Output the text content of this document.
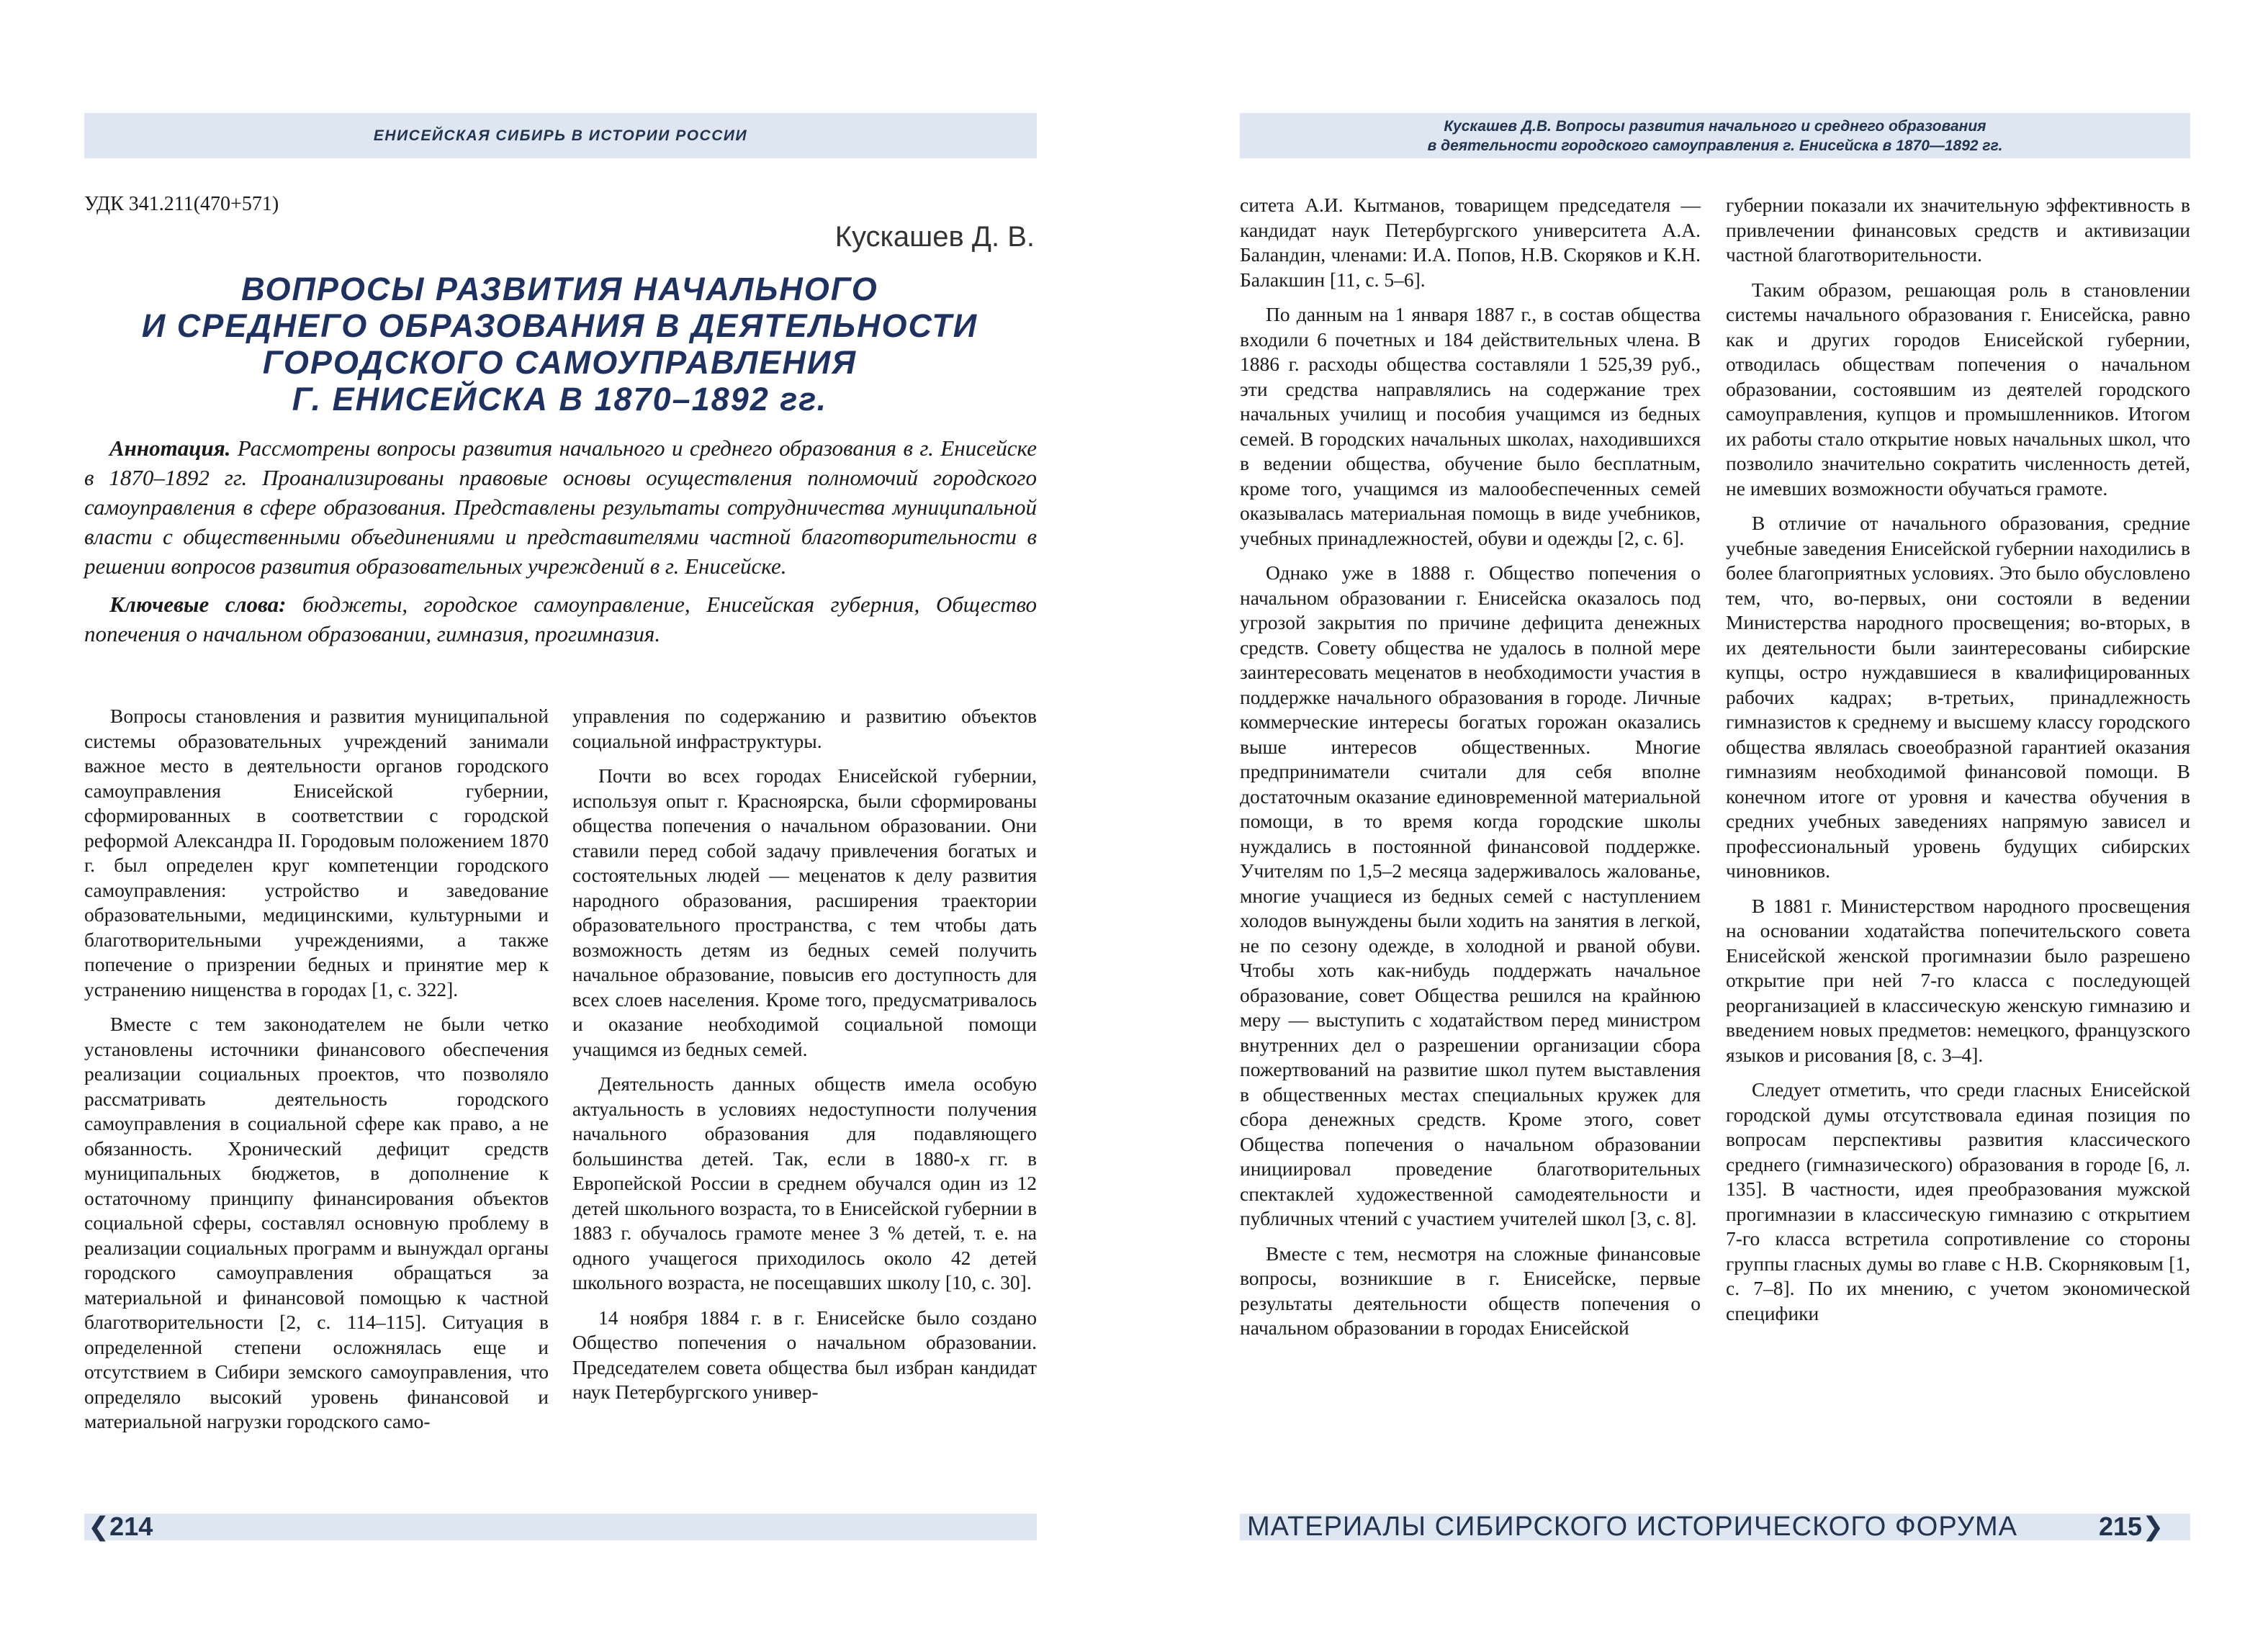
ЕНИСЕЙСКАЯ СИБИРЬ В ИСТОРИИ РОССИИ
УДК 341.211(470+571)
Кускашев Д. В.
ВОПРОСЫ РАЗВИТИЯ НАЧАЛЬНОГО
И СРЕДНЕГО ОБРАЗОВАНИЯ В ДЕЯТЕЛЬНОСТИ
ГОРОДСКОГО САМОУПРАВЛЕНИЯ
Г. ЕНИСЕЙСКА В 1870–1892 гг.

Аннотация. Рассмотрены вопросы развития начального и среднего образования в г. Енисейске в 1870–1892 гг. Проанализированы правовые основы осуществления полномочий городского самоуправления в сфере образования. Представлены результаты сотрудничества муниципальной власти с общественными объединениями и представителями частной благотворительности в решении вопросов развития образовательных учреждений в г. Енисейске.

Ключевые слова: бюджеты, городское самоуправление, Енисейская губерния, Общество попечения о начальном образовании, гимназия, прогимназия.

Вопросы становления и развития муниципальной системы образовательных учреждений занимали важное место в деятельности органов городского самоуправления Енисейской губернии, сформированных в соответствии с городской реформой Александра II. Городовым положением 1870 г. был определен круг компетенции городского самоуправления: устройство и заведование образовательными, медицинскими, культурными и благотворительными учреждениями, а также попечение о призрении бедных и принятие мер к устранению нищенства в городах [1, с. 322].

Вместе с тем законодателем не были четко установлены источники финансового обеспечения реализации социальных проектов, что позволяло рассматривать деятельность городского самоуправления в социальной сфере как право, а не обязанность. Хронический дефицит средств муниципальных бюджетов, в дополнение к остаточному принципу финансирования объектов социальной сферы, составлял основную проблему в реализации социальных программ и вынуждал органы городского самоуправления обращаться за материальной и финансовой помощью к частной благотворительности [2, с. 114–115]. Ситуация в определенной степени осложнялась еще и отсутствием в Сибири земского самоуправления, что определяло высокий уровень финансовой и материальной нагрузки городского само-

управления по содержанию и развитию объектов социальной инфраструктуры.

Почти во всех городах Енисейской губернии, используя опыт г. Красноярска, были сформированы общества попечения о начальном образовании. Они ставили перед собой задачу привлечения богатых и состоятельных людей — меценатов к делу развития народного образования, расширения траектории образовательного пространства, с тем чтобы дать возможность детям из бедных семей получить начальное образование, повысив его доступность для всех слоев населения. Кроме того, предусматривалось и оказание необходимой социальной помощи учащимся из бедных семей.

Деятельность данных обществ имела особую актуальность в условиях недоступности получения начального образования для подавляющего большинства детей. Так, если в 1880-х гг. в Европейской России в среднем обучался один из 12 детей школьного возраста, то в Енисейской губернии в 1883 г. обучалось грамоте менее 3 % детей, т. е. на одного учащегося приходилось около 42 детей школьного возраста, не посещавших школу [10, с. 30].

14 ноября 1884 г. в г. Енисейске было создано Общество попечения о начальном образовании. Председателем совета общества был избран кандидат наук Петербургского универ-

❮214
Кускашев Д.В. Вопросы развития начального и среднего образования
в деятельности городского самоуправления г. Енисейска в 1870—1892 гг.

ситета А.И. Кытманов, товарищем председателя — кандидат наук Петербургского университета А.А. Баландин, членами: И.А. Попов, Н.В. Скоряков и К.Н. Балакшин [11, с. 5–6].

По данным на 1 января 1887 г., в состав общества входили 6 почетных и 184 действительных члена. В 1886 г. расходы общества составляли 1 525,39 руб., эти средства направлялись на содержание трех начальных училищ и пособия учащимся из бедных семей. В городских начальных школах, находившихся в ведении общества, обучение было бесплатным, кроме того, учащимся из малообеспеченных семей оказывалась материальная помощь в виде учебников, учебных принадлежностей, обуви и одежды [2, с. 6].

Однако уже в 1888 г. Общество попечения о начальном образовании г. Енисейска оказалось под угрозой закрытия по причине дефицита денежных средств. Совету общества не удалось в полной мере заинтересовать меценатов в необходимости участия в поддержке начального образования в городе. Личные коммерческие интересы богатых горожан оказались выше интересов общественных. Многие предприниматели считали для себя вполне достаточным оказание единовременной материальной помощи, в то время когда городские школы нуждались в постоянной финансовой поддержке. Учителям по 1,5–2 месяца задерживалось жалованье, многие учащиеся из бедных семей с наступлением холодов вынуждены были ходить на занятия в легкой, не по сезону одежде, в холодной и рваной обуви. Чтобы хоть как-нибудь поддержать начальное образование, совет Общества решился на крайнюю меру — выступить с ходатайством перед министром внутренних дел о разрешении организации сбора пожертвований на развитие школ путем выставления в общественных местах специальных кружек для сбора денежных средств. Кроме этого, совет Общества попечения о начальном образовании инициировал проведение благотворительных спектаклей художественной самодеятельности и публичных чтений с участием учителей школ [3, с. 8].

Вместе с тем, несмотря на сложные финансовые вопросы, возникшие в г. Енисейске, первые результаты деятельности обществ попечения о начальном образовании в городах Енисейской

губернии показали их значительную эффективность в привлечении финансовых средств и активизации частной благотворительности.

Таким образом, решающая роль в становлении системы начального образования г. Енисейска, равно как и других городов Енисейской губернии, отводилась обществам попечения о начальном образовании, состоявшим из деятелей городского самоуправления, купцов и промышленников. Итогом их работы стало открытие новых начальных школ, что позволило значительно сократить численность детей, не имевших возможности обучаться грамоте.

В отличие от начального образования, средние учебные заведения Енисейской губернии находились в более благоприятных условиях. Это было обусловлено тем, что, во-первых, они состояли в ведении Министерства народного просвещения; во-вторых, в их деятельности были заинтересованы сибирские купцы, остро нуждавшиеся в квалифицированных рабочих кадрах; в-третьих, принадлежность гимназистов к среднему и высшему классу городского общества являлась своеобразной гарантией оказания гимназиям необходимой финансовой помощи. В конечном итоге от уровня и качества обучения в средних учебных заведениях напрямую зависел и профессиональный уровень будущих сибирских чиновников.

В 1881 г. Министерством народного просвещения на основании ходатайства попечительского совета Енисейской женской прогимназии было разрешено открытие при ней 7-го класса с последующей реорганизацией в классическую женскую гимназию и введением новых предметов: немецкого, французского языков и рисования [8, с. 3–4].

Следует отметить, что среди гласных Енисейской городской думы отсутствовала единая позиция по вопросам перспективы развития классического среднего (гимназического) образования в городе [6, л. 135]. В частности, идея преобразования мужской прогимназии в классическую гимназию с открытием 7-го класса встретила сопротивление со стороны группы гласных думы во главе с Н.В. Скорняковым [1, с. 7–8]. По их мнению, с учетом экономической специфики

МАТЕРИАЛЫ СИБИРСКОГО ИСТОРИЧЕСКОГО ФОРУМА	215❯
